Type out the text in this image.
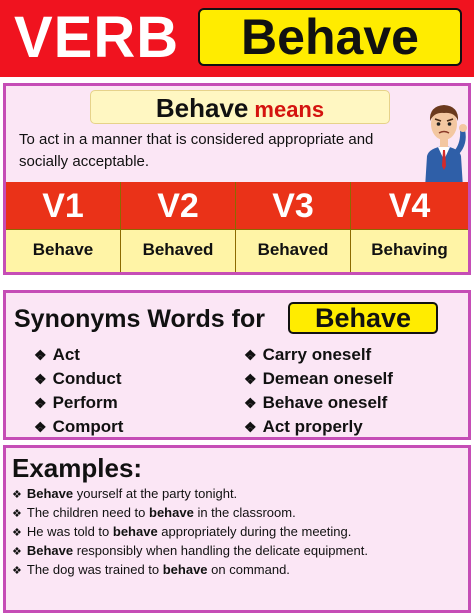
VERB	Behave
Behave means
To act in a manner that is considered appropriate and socially acceptable.
V1
Behave
V2
Behaved
V3
Behaved
V4
Behaving
Synonyms Words for	Behave
❖ Act
❖ Conduct
❖ Perform
❖ Comport
❖ Carry oneself
❖ Demean oneself
❖ Behave oneself
❖ Act properly
Examples:
❖ Behave yourself at the party tonight.
❖ The children need to behave in the classroom.
❖ He was told to behave appropriately during the meeting.
❖ Behave responsibly when handling the delicate equipment.
❖ The dog was trained to behave on command.
